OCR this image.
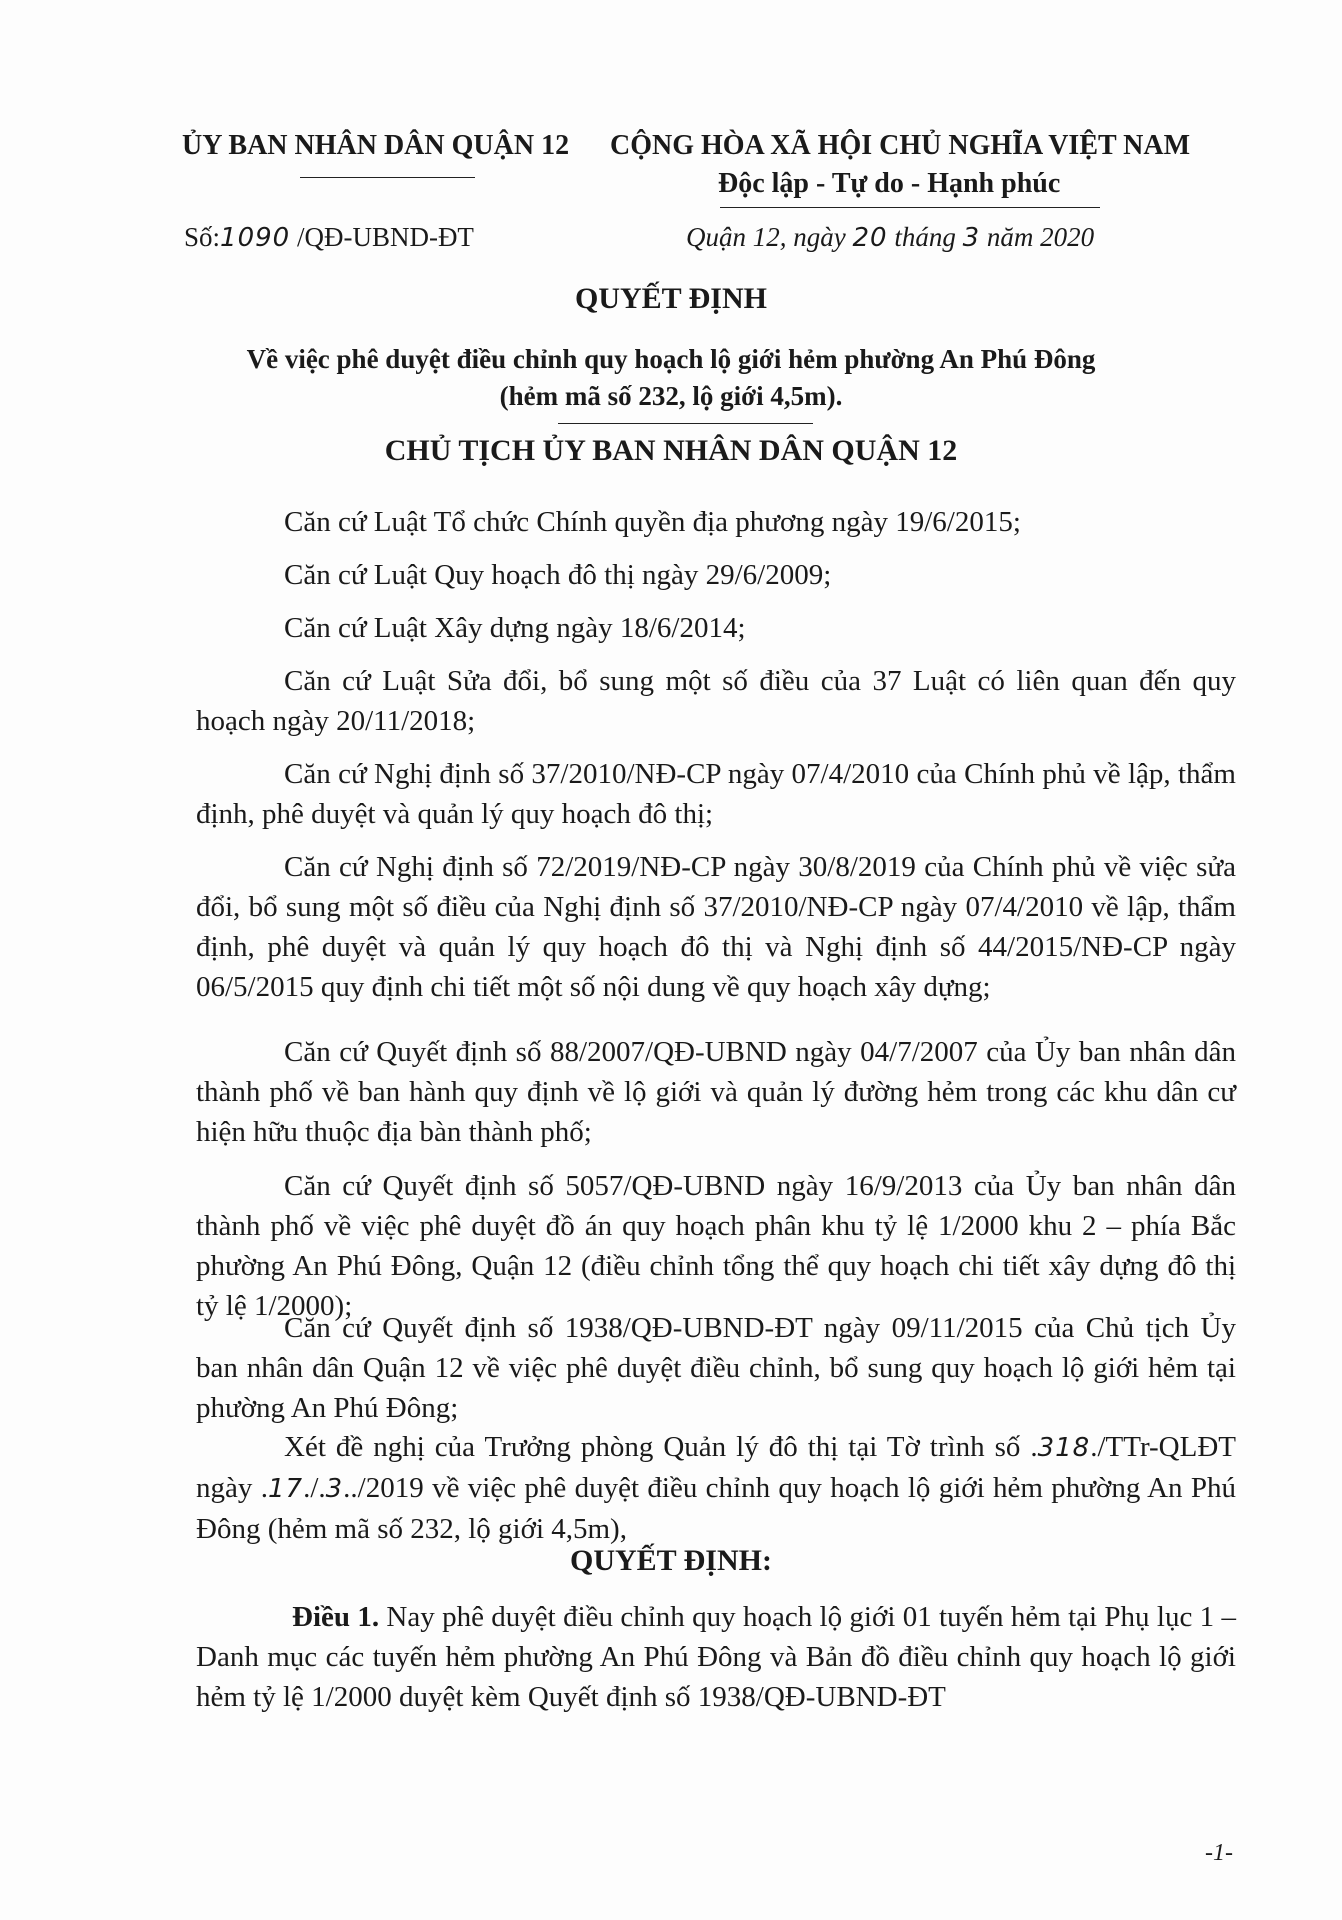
ỦY BAN NHÂN DÂN QUẬN 12 CỘNG HÒA XÃ HỘI CHỦ NGHĨA VIỆT NAM
Độc lập - Tự do - Hạnh phúc
Số:1090 /QĐ-UBND-ĐT	Quận 12, ngày 20 tháng 3 năm 2020
QUYẾT ĐỊNH
Về việc phê duyệt điều chỉnh quy hoạch lộ giới hẻm phường An Phú Đông
(hẻm mã số 232, lộ giới 4,5m).
CHỦ TỊCH ỦY BAN NHÂN DÂN QUẬN 12
Căn cứ Luật Tổ chức Chính quyền địa phương ngày 19/6/2015;
Căn cứ Luật Quy hoạch đô thị ngày 29/6/2009;
Căn cứ Luật Xây dựng ngày 18/6/2014;
Căn cứ Luật Sửa đổi, bổ sung một số điều của 37 Luật có liên quan đến quy hoạch ngày 20/11/2018;
Căn cứ Nghị định số 37/2010/NĐ-CP ngày 07/4/2010 của Chính phủ về lập, thẩm định, phê duyệt và quản lý quy hoạch đô thị;
Căn cứ Nghị định số 72/2019/NĐ-CP ngày 30/8/2019 của Chính phủ về việc sửa đổi, bổ sung một số điều của Nghị định số 37/2010/NĐ-CP ngày 07/4/2010 về lập, thẩm định, phê duyệt và quản lý quy hoạch đô thị và Nghị định số 44/2015/NĐ-CP ngày 06/5/2015 quy định chi tiết một số nội dung về quy hoạch xây dựng;
Căn cứ Quyết định số 88/2007/QĐ-UBND ngày 04/7/2007 của Ủy ban nhân dân thành phố về ban hành quy định về lộ giới và quản lý đường hẻm trong các khu dân cư hiện hữu thuộc địa bàn thành phố;
Căn cứ Quyết định số 5057/QĐ-UBND ngày 16/9/2013 của Ủy ban nhân dân thành phố về việc phê duyệt đồ án quy hoạch phân khu tỷ lệ 1/2000 khu 2 – phía Bắc phường An Phú Đông, Quận 12 (điều chỉnh tổng thể quy hoạch chi tiết xây dựng đô thị tỷ lệ 1/2000);
Căn cứ Quyết định số 1938/QĐ-UBND-ĐT ngày 09/11/2015 của Chủ tịch Ủy ban nhân dân Quận 12 về việc phê duyệt điều chỉnh, bổ sung quy hoạch lộ giới hẻm tại phường An Phú Đông;
Xét đề nghị của Trưởng phòng Quản lý đô thị tại Tờ trình số .318./TTr-QLĐT ngày .17./.3../2019 về việc phê duyệt điều chỉnh quy hoạch lộ giới hẻm phường An Phú Đông (hẻm mã số 232, lộ giới 4,5m),
QUYẾT ĐỊNH:
Điều 1. Nay phê duyệt điều chỉnh quy hoạch lộ giới 01 tuyến hẻm tại Phụ lục 1 – Danh mục các tuyến hẻm phường An Phú Đông và Bản đồ điều chỉnh quy hoạch lộ giới hẻm tỷ lệ 1/2000 duyệt kèm Quyết định số 1938/QĐ-UBND-ĐT
-1-
